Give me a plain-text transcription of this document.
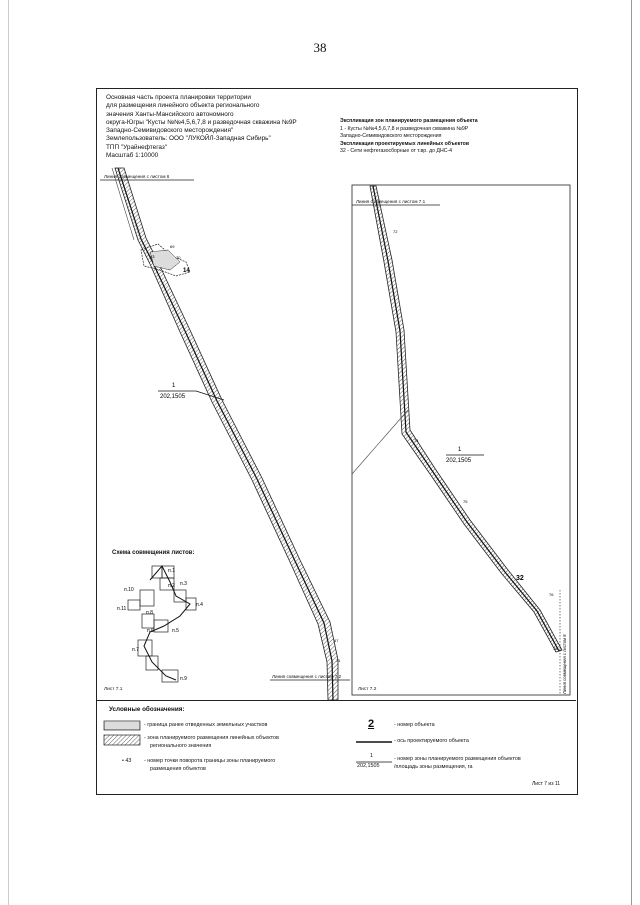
38
Основная часть проекта планировки территории
для размещения линейного объекта регионального
значения Ханты-Мансийского автономного
округа-Югры "Кусты №№4,5,6,7,8 и разведочная скважина №9Р
Западно-Семивидовского месторождения"
Землепользователь: ООО "ЛУКОЙЛ-Западная Сибирь"
ТПП "Урайнефтегаз"
Масштаб 1:10000
Экспликация зон планируемого размещения объекта
1 - Кусты №№4,5,6,7,8 и разведочная скважина №9Р
Западно-Семивидовского месторождения
Экспликация проектируемых линейных объектов
32 - Сети нефтегазосборные от т.вр. до ДНС-4
69
70
43
14
1
202,1505
67
71
72
74
75
76
78
32
1
202,1505
Линия совмещения с листом 8
п.1
п.2 п.3
п.4
п.5
п.6
п.7
п.8
п.9
п.10
п.11
Линия совмещения с листом 6
Линия совмещения с листом 7.2
Линия совмещения с листом 7.1
Лист 7.1	Лист 7.2
Схема совмещения листов:
Условные обозначения:
- граница ранее отведенных земельных участков
- зона планируемого размещения линейных объектов
регионального значения
• 43 - номер точки поворота границы зоны планируемого
размещения объектов
2	- номер объекта
- ось проектируемого объекта
1
202,1505
- номер зоны планируемого размещения объектов
/площадь зоны размещения, га
Лист 7 из 11
